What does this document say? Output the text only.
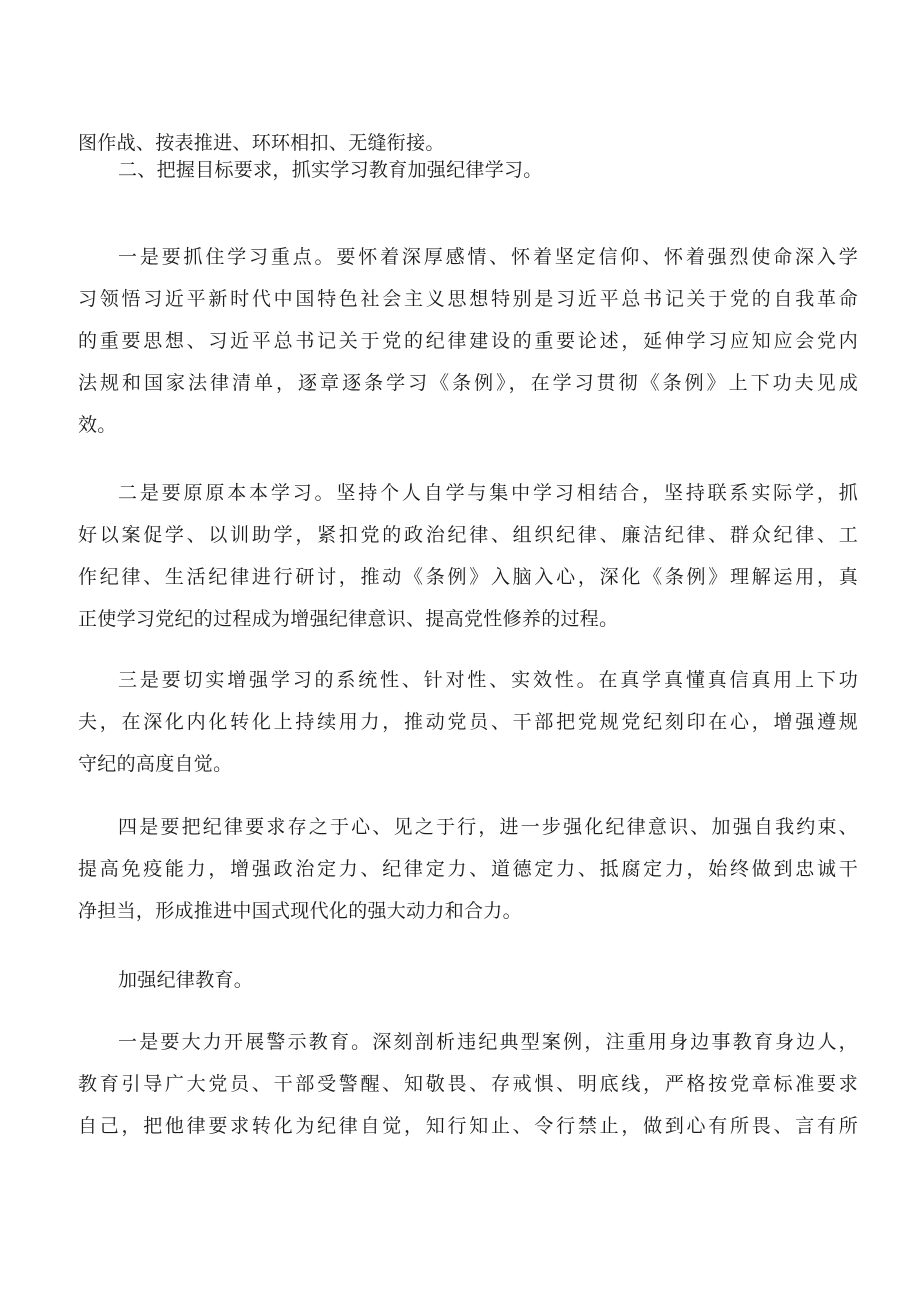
图作战、按表推进、环环相扣、无缝衔接。
二、把握目标要求，抓实学习教育加强纪律学习。
一是要抓住学习重点。要怀着深厚感情、怀着坚定信仰、怀着强烈使命深入学
习领悟习近平新时代中国特色社会主义思想特别是习近平总书记关于党的自我革命
的重要思想、习近平总书记关于党的纪律建设的重要论述，延伸学习应知应会党内
法规和国家法律清单，逐章逐条学习《条例》，在学习贯彻《条例》上下功夫见成
效。
二是要原原本本学习。坚持个人自学与集中学习相结合，坚持联系实际学，抓
好以案促学、以训助学，紧扣党的政治纪律、组织纪律、廉洁纪律、群众纪律、工
作纪律、生活纪律进行研讨，推动《条例》入脑入心，深化《条例》理解运用，真
正使学习党纪的过程成为增强纪律意识、提高党性修养的过程。
三是要切实增强学习的系统性、针对性、实效性。在真学真懂真信真用上下功
夫，在深化内化转化上持续用力，推动党员、干部把党规党纪刻印在心，增强遵规
守纪的高度自觉。
四是要把纪律要求存之于心、见之于行，进一步强化纪律意识、加强自我约束、
提高免疫能力，增强政治定力、纪律定力、道德定力、抵腐定力，始终做到忠诚干
净担当，形成推进中国式现代化的强大动力和合力。
加强纪律教育。
一是要大力开展警示教育。深刻剖析违纪典型案例，注重用身边事教育身边人，
教育引导广大党员、干部受警醒、知敬畏、存戒惧、明底线，严格按党章标准要求
自己，把他律要求转化为纪律自觉，知行知止、令行禁止，做到心有所畏、言有所
